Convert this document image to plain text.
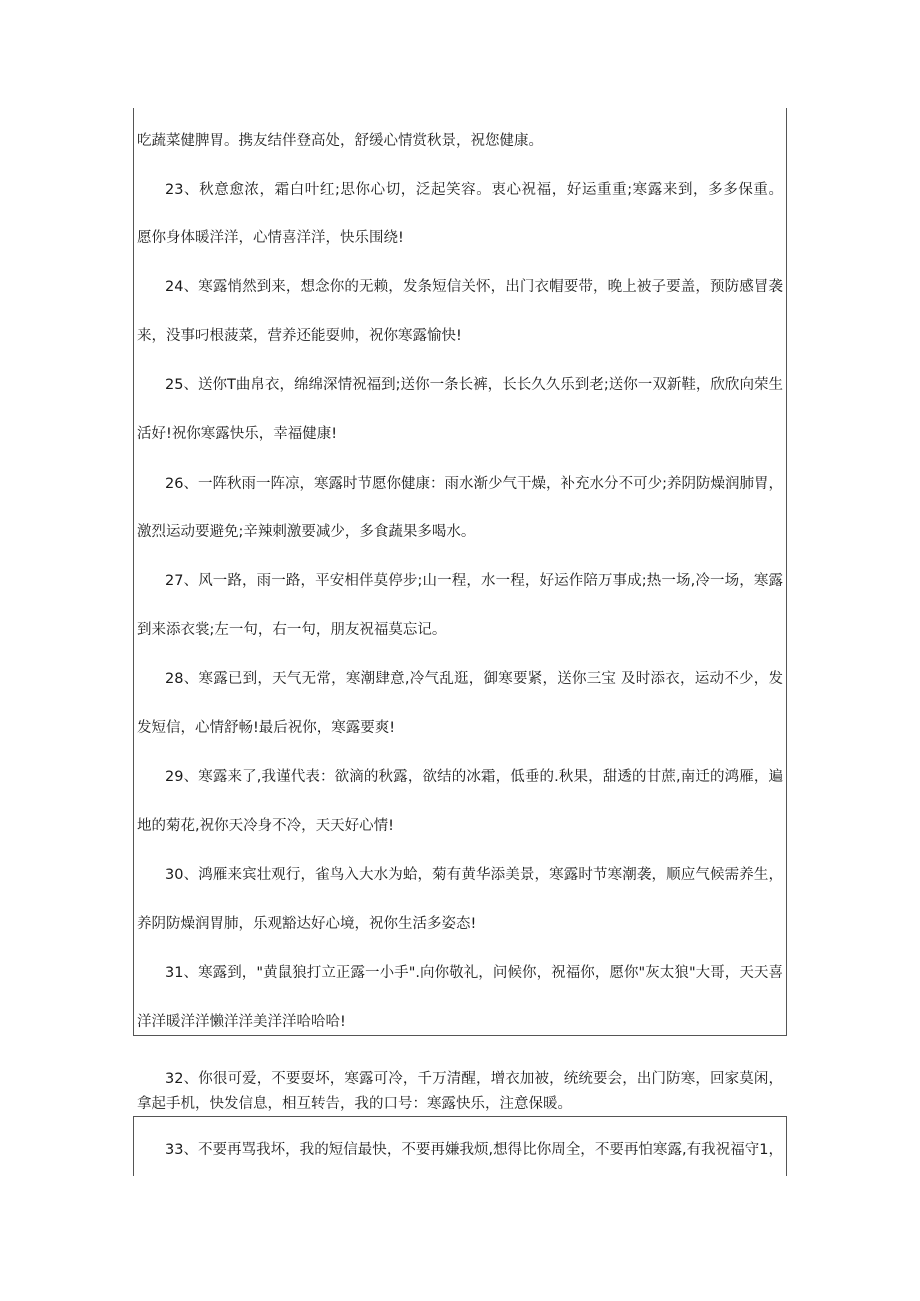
吃蔬菜健脾胃。携友结伴登高处，舒缓心情赏秋景，祝您健康。
23、秋意愈浓，霜白叶红;思你心切，泛起笑容。衷心祝福，好运重重;寒露来到，多多保重。
愿你身体暖洋洋，心情喜洋洋，快乐围绕!
24、寒露悄然到来，想念你的无赖，发条短信关怀，出门衣帽要带，晚上被子要盖，预防感冒袭
来，没事叼根菠菜，营养还能耍帅，祝你寒露愉快!
25、送你T曲帛衣，绵绵深情祝福到;送你一条长裤，长长久久乐到老;送你一双新鞋，欣欣向荣生
活好!祝你寒露快乐，幸福健康!
26、一阵秋雨一阵凉，寒露时节愿你健康：雨水渐少气干燥，补充水分不可少;养阴防燥润肺胃，
激烈运动要避免;辛辣刺激要减少，多食蔬果多喝水。
27、风一路，雨一路，平安相伴莫停步;山一程，水一程，好运作陪万事成;热一场,冷一场，寒露
到来添衣裳;左一句，右一句，朋友祝福莫忘记。
28、寒露已到，天气无常，寒潮肆意,冷气乱逛，御寒要紧，送你三宝 及时添衣，运动不少，发
发短信，心情舒畅!最后祝你，寒露要爽!
29、寒露来了,我谨代表：欲滴的秋露，欲结的冰霜，低垂的.秋果，甜透的甘蔗,南迁的鸿雁，遍
地的菊花,祝你天冷身不冷，天天好心情!
30、鸿雁来宾壮观行，雀鸟入大水为蛤，菊有黄华添美景，寒露时节寒潮袭，顺应气候需养生，
养阴防燥润胃肺，乐观豁达好心境，祝你生活多姿态!
31、寒露到，"黄鼠狼打立正露一小手".向你敬礼，问候你，祝福你，愿你"灰太狼"大哥，天天喜
洋洋暖洋洋懒洋洋美洋洋哈哈哈!
32、你很可爱，不要耍坏，寒露可冷，千万清醒，增衣加被，统统要会，出门防寒，回家莫闲，
拿起手机，快发信息，相互转告，我的口号：寒露快乐，注意保暖。
33、不要再骂我坏，我的短信最快，不要再嫌我烦,想得比你周全，不要再怕寒露,有我祝福守1，
